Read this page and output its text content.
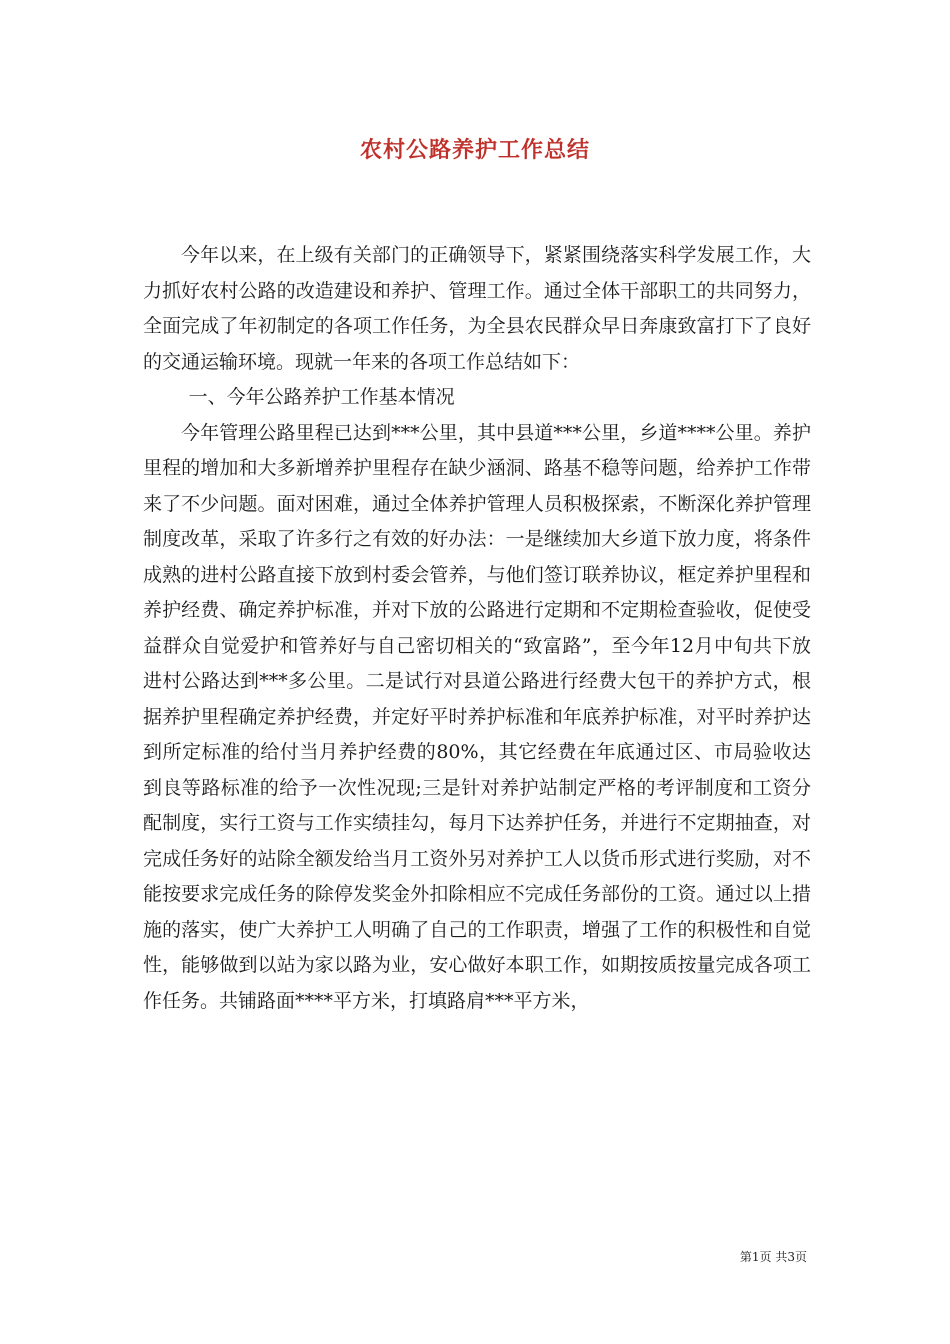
农村公路养护工作总结

今年以来，在上级有关部门的正确领导下，紧紧围绕落实科学发展工作，大力抓好农村公路的改造建设和养护、管理工作。通过全体干部职工的共同努力，全面完成了年初制定的各项工作任务，为全县农民群众早日奔康致富打下了良好的交通运输环境。现就一年来的各项工作总结如下：

一、今年公路养护工作基本情况

今年管理公路里程已达到***公里，其中县道***公里，乡道****公里。养护里程的增加和大多新增养护里程存在缺少涵洞、路基不稳等问题，给养护工作带来了不少问题。面对困难，通过全体养护管理人员积极探索，不断深化养护管理制度改革，采取了许多行之有效的好办法：一是继续加大乡道下放力度，将条件成熟的进村公路直接下放到村委会管养，与他们签订联养协议，框定养护里程和养护经费、确定养护标准，并对下放的公路进行定期和不定期检查验收，促使受益群众自觉爱护和管养好与自己密切相关的“致富路”，至今年12月中旬共下放进村公路达到***多公里。二是试行对县道公路进行经费大包干的养护方式，根据养护里程确定养护经费，并定好平时养护标准和年底养护标准，对平时养护达到所定标准的给付当月养护经费的80%，其它经费在年底通过区、市局验收达到良等路标准的给予一次性况现;三是针对养护站制定严格的考评制度和工资分配制度，实行工资与工作实绩挂勾，每月下达养护任务，并进行不定期抽查，对完成任务好的站除全额发给当月工资外另对养护工人以货币形式进行奖励，对不能按要求完成任务的除停发奖金外扣除相应不完成任务部份的工资。通过以上措施的落实，使广大养护工人明确了自己的工作职责，增强了工作的积极性和自觉性，能够做到以站为家以路为业，安心做好本职工作，如期按质按量完成各项工作任务。共铺路面****平方米，打填路肩***平方米，

第1页 共3页
